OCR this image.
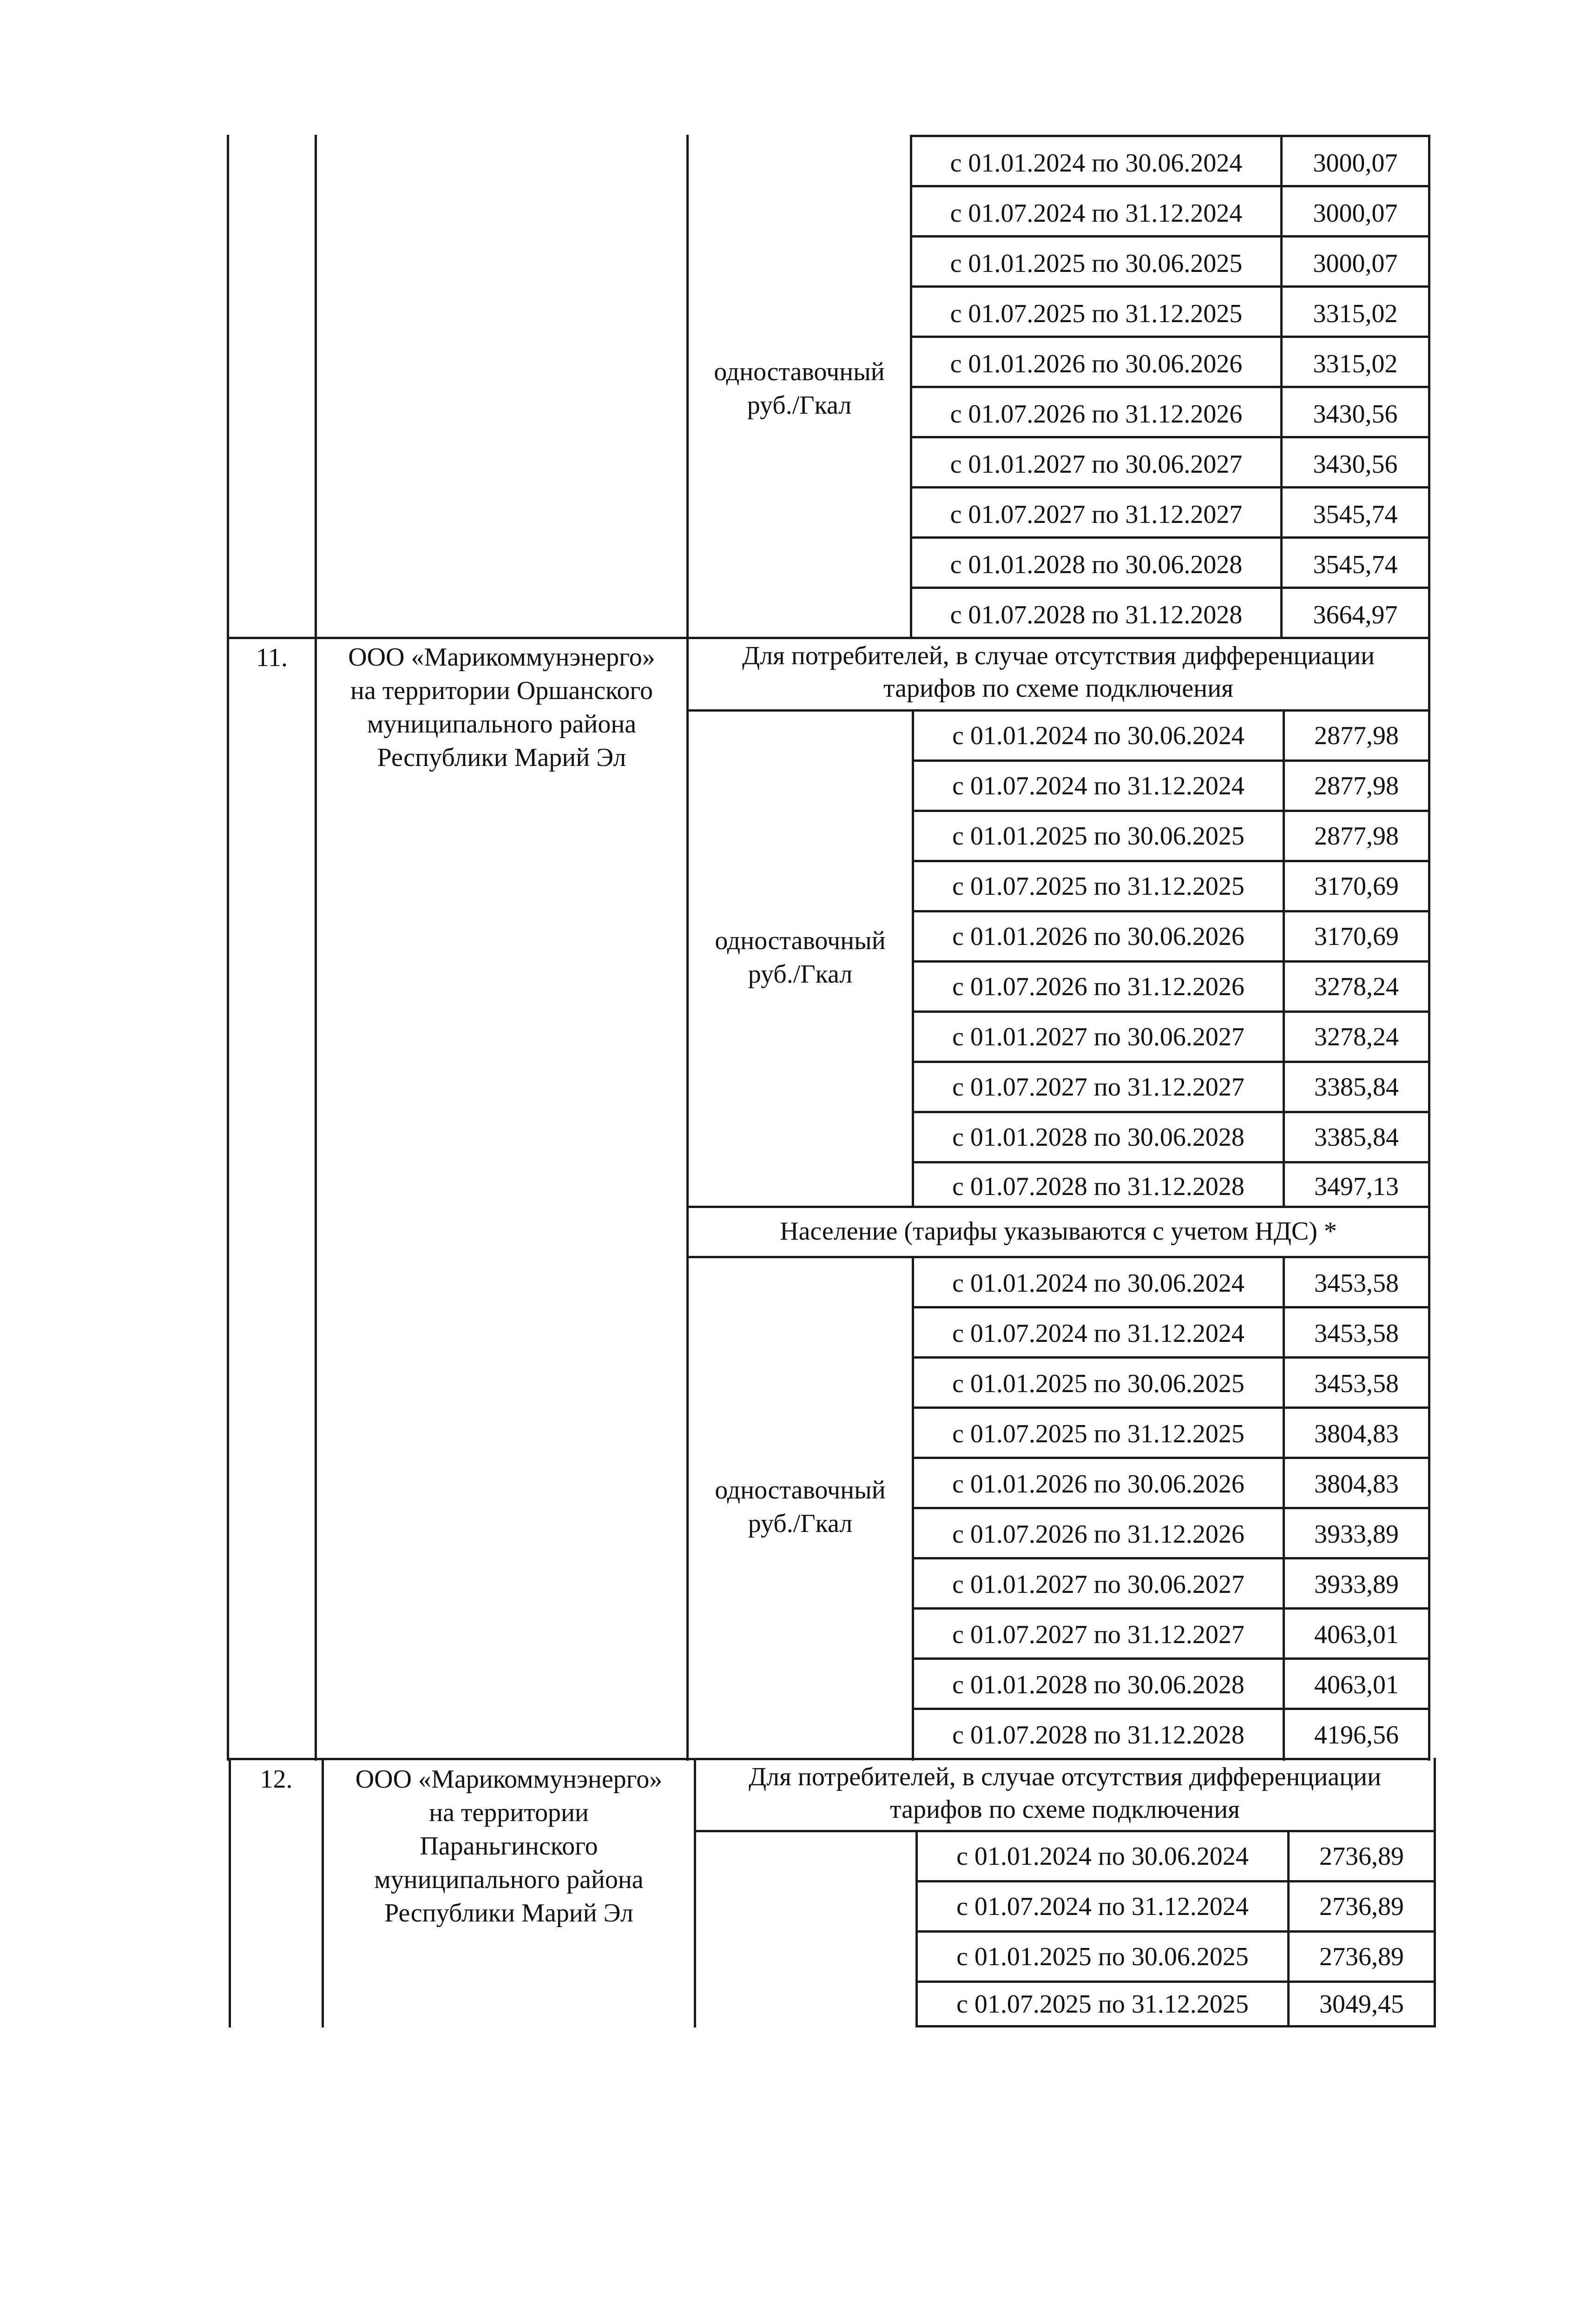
одноставочный
руб./Гкал
с 01.01.2024 по 30.06.2024	3000,07
с 01.07.2024 по 31.12.2024	3000,07
с 01.01.2025 по 30.06.2025	3000,07
с 01.07.2025 по 31.12.2025	3315,02
с 01.01.2026 по 30.06.2026	3315,02
с 01.07.2026 по 31.12.2026	3430,56
с 01.01.2027 по 30.06.2027	3430,56
с 01.07.2027 по 31.12.2027	3545,74
с 01.01.2028 по 30.06.2028	3545,74
с 01.07.2028 по 31.12.2028	3664,97
11.	ООО «Марикоммунэнерго»
на территории Оршанского
муниципального района
Республики Марий Эл
Для потребителей, в случае отсутствия дифференциации
тарифов по схеме подключения
одноставочный
руб./Гкал
с 01.01.2024 по 30.06.2024	2877,98
с 01.07.2024 по 31.12.2024	2877,98
с 01.01.2025 по 30.06.2025	2877,98
с 01.07.2025 по 31.12.2025	3170,69
с 01.01.2026 по 30.06.2026	3170,69
с 01.07.2026 по 31.12.2026	3278,24
с 01.01.2027 по 30.06.2027	3278,24
с 01.07.2027 по 31.12.2027	3385,84
с 01.01.2028 по 30.06.2028	3385,84
с 01.07.2028 по 31.12.2028	3497,13
Население (тарифы указываются с учетом НДС) *
одноставочный
руб./Гкал
с 01.01.2024 по 30.06.2024	3453,58
с 01.07.2024 по 31.12.2024	3453,58
с 01.01.2025 по 30.06.2025	3453,58
с 01.07.2025 по 31.12.2025	3804,83
с 01.01.2026 по 30.06.2026	3804,83
с 01.07.2026 по 31.12.2026	3933,89
с 01.01.2027 по 30.06.2027	3933,89
с 01.07.2027 по 31.12.2027	4063,01
с 01.01.2028 по 30.06.2028	4063,01
с 01.07.2028 по 31.12.2028	4196,56
12.	ООО «Марикоммунэнерго»
на территории
Параньгинского
муниципального района
Республики Марий Эл
Для потребителей, в случае отсутствия дифференциации
тарифов по схеме подключения
с 01.01.2024 по 30.06.2024	2736,89
с 01.07.2024 по 31.12.2024	2736,89
с 01.01.2025 по 30.06.2025	2736,89
с 01.07.2025 по 31.12.2025	3049,45
